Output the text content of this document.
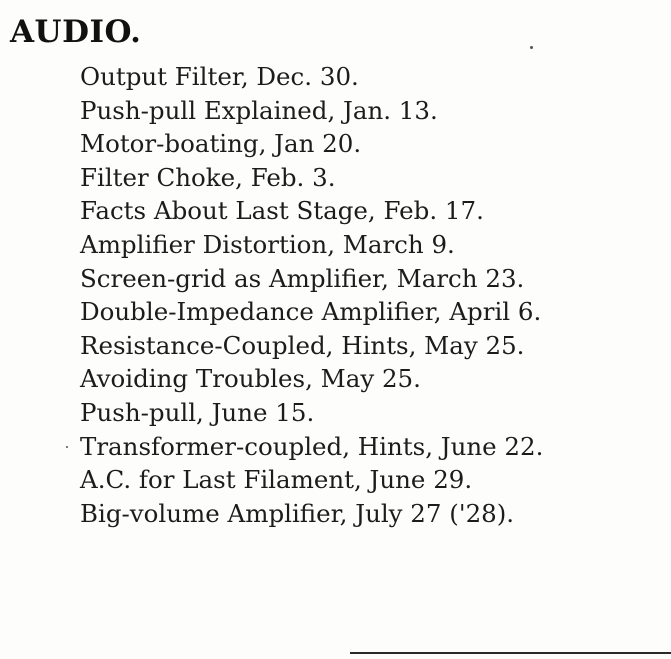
AUDIO.
Output Filter, Dec. 30.
Push-pull Explained, Jan. 13.
Motor-boating, Jan 20.
Filter Choke, Feb. 3.
Facts About Last Stage, Feb. 17.
Amplifier Distortion, March 9.
Screen-grid as Amplifier, March 23.
Double-Impedance Amplifier, April 6.
Resistance-Coupled, Hints, May 25.
Avoiding Troubles, May 25.
Push-pull, June 15.
Transformer-coupled, Hints, June 22.
A.C. for Last Filament, June 29.
Big-volume Amplifier, July 27 ('28).
